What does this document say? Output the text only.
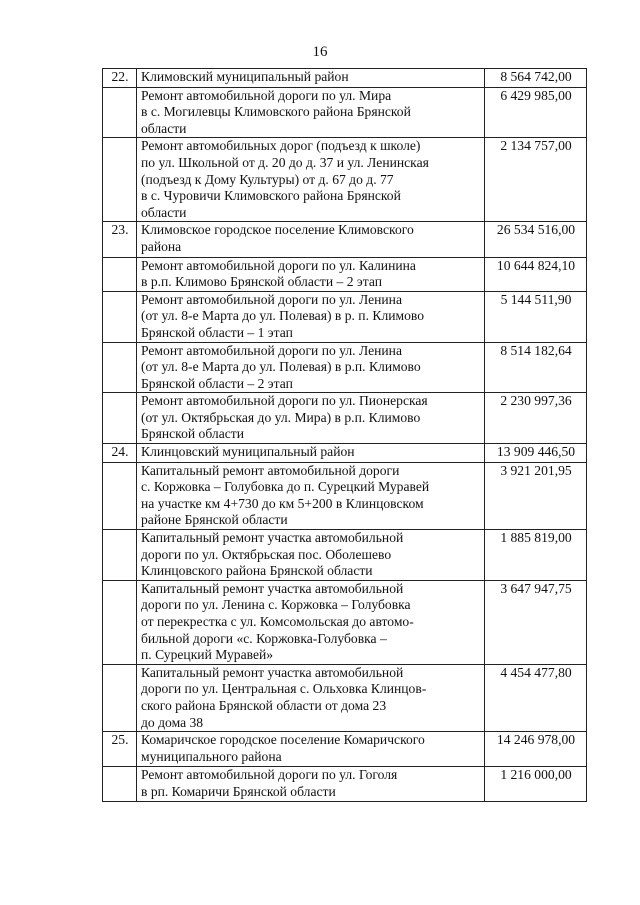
16
22.	Климовский муниципальный район	8 564 742,00
	Ремонт автомобильной дороги по ул. Мира
в с. Могилевцы Климовского района Брянской
области	6 429 985,00
	Ремонт автомобильных дорог (подъезд к школе)
по ул. Школьной от д. 20 до д. 37 и ул. Ленинская
(подъезд к Дому Культуры) от д. 67 до д. 77
в с. Чуровичи Климовского района Брянской
области	2 134 757,00
23.	Климовское городское поселение Климовского
района	26 534 516,00
	Ремонт автомобильной дороги по ул. Калинина
в р.п. Климово Брянской области – 2 этап	10 644 824,10
	Ремонт автомобильной дороги по ул. Ленина
(от ул. 8-е Марта до ул. Полевая) в р. п. Климово
Брянской области – 1 этап	5 144 511,90
	Ремонт автомобильной дороги по ул. Ленина
(от ул. 8-е Марта до ул. Полевая) в р.п. Климово
Брянской области – 2 этап	8 514 182,64
	Ремонт автомобильной дороги по ул. Пионерская
(от ул. Октябрьская до ул. Мира) в р.п. Климово
Брянской области	2 230 997,36
24.	Клинцовский муниципальный район	13 909 446,50
	Капитальный ремонт автомобильной дороги
с. Коржовка – Голубовка до п. Сурецкий Муравей
на участке км 4+730 до км 5+200 в Клинцовском
районе Брянской области	3 921 201,95
	Капитальный ремонт участка автомобильной
дороги по ул. Октябрьская пос. Оболешево
Клинцовского района Брянской области	1 885 819,00
	Капитальный ремонт участка автомобильной
дороги по ул. Ленина с. Коржовка – Голубовка
от перекрестка с ул. Комсомольская до автомо-
бильной дороги «с. Коржовка-Голубовка –
п. Сурецкий Муравей»	3 647 947,75
	Капитальный ремонт участка автомобильной
дороги по ул. Центральная с. Ольховка Клинцов-
ского района Брянской области от дома 23
до дома 38	4 454 477,80
25.	Комаричское городское поселение Комаричского
муниципального района	14 246 978,00
	Ремонт автомобильной дороги по ул. Гоголя
в рп. Комаричи Брянской области	1 216 000,00
